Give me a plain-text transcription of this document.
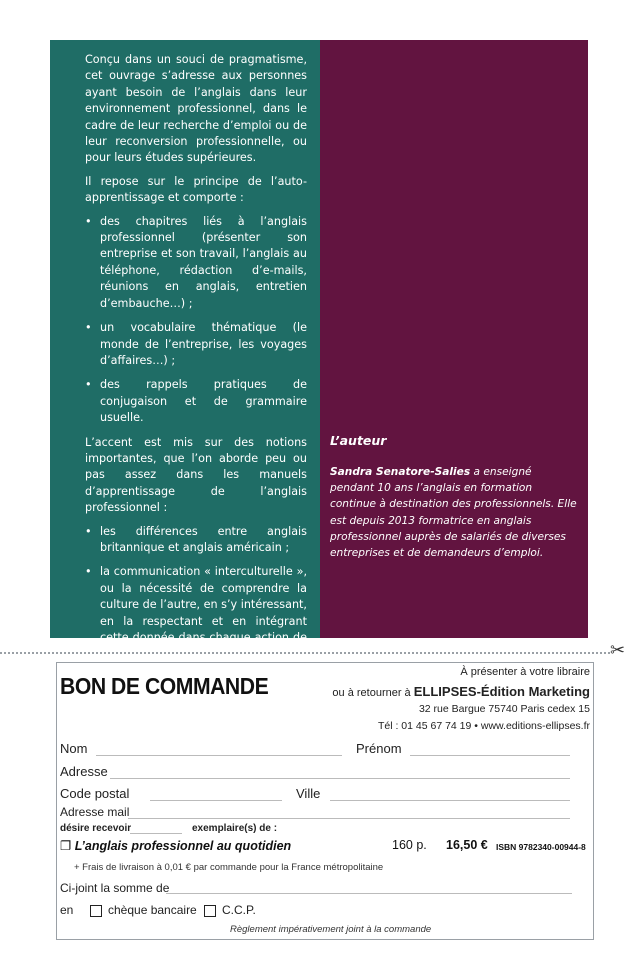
Conçu dans un souci de pragmatisme, cet ouvrage s’adresse aux personnes ayant besoin de l’anglais dans leur environnement professionnel, dans le cadre de leur recherche d’emploi ou de leur reconversion professionnelle, ou pour leurs études supérieures.

Il repose sur le principe de l’auto-apprentissage et comporte :

• des chapitres liés à l’anglais professionnel (présenter son entreprise et son travail, l’anglais au téléphone, rédaction d’e-mails, réunions en anglais, entretien d’embauche…) ;
• un vocabulaire thématique (le monde de l’entreprise, les voyages d’affaires…) ;
• des rappels pratiques de conjugaison et de grammaire usuelle.

L’accent est mis sur des notions importantes, que l’on aborde peu ou pas assez dans les manuels d’apprentissage de l’anglais professionnel :

• les différences entre anglais britannique et anglais américain ;
• la communication « interculturelle », ou la nécessité de comprendre la culture de l’autre, en s’y intéressant, en la respectant et en intégrant cette donnée dans chaque action de communication.
L’auteur
Sandra Senatore-Salies a enseigné pendant 10 ans l’anglais en formation continue à destination des professionnels. Elle est depuis 2013 formatrice en anglais professionnel auprès de salariés de diverses entreprises et de demandeurs d’emploi.
✂
BON DE COMMANDE
À présenter à votre libraire
ou à retourner à ELLIPSES-Édition Marketing
32 rue Bargue 75740 Paris cedex 15
Tél : 01 45 67 74 19 • www.editions-ellipses.fr
Nom	Prénom
Adresse
Code postal	Ville
Adresse mail
désire recevoir	exemplaire(s) de :
❐ L’anglais professionnel au quotidien	160 p. 16,50 € ISBN 9782340-00944-8
+ Frais de livraison à 0,01 € par commande pour la France métropolitaine
Ci-joint la somme de
en	chèque bancaire	C.C.P.
Règlement impérativement joint à la commande
